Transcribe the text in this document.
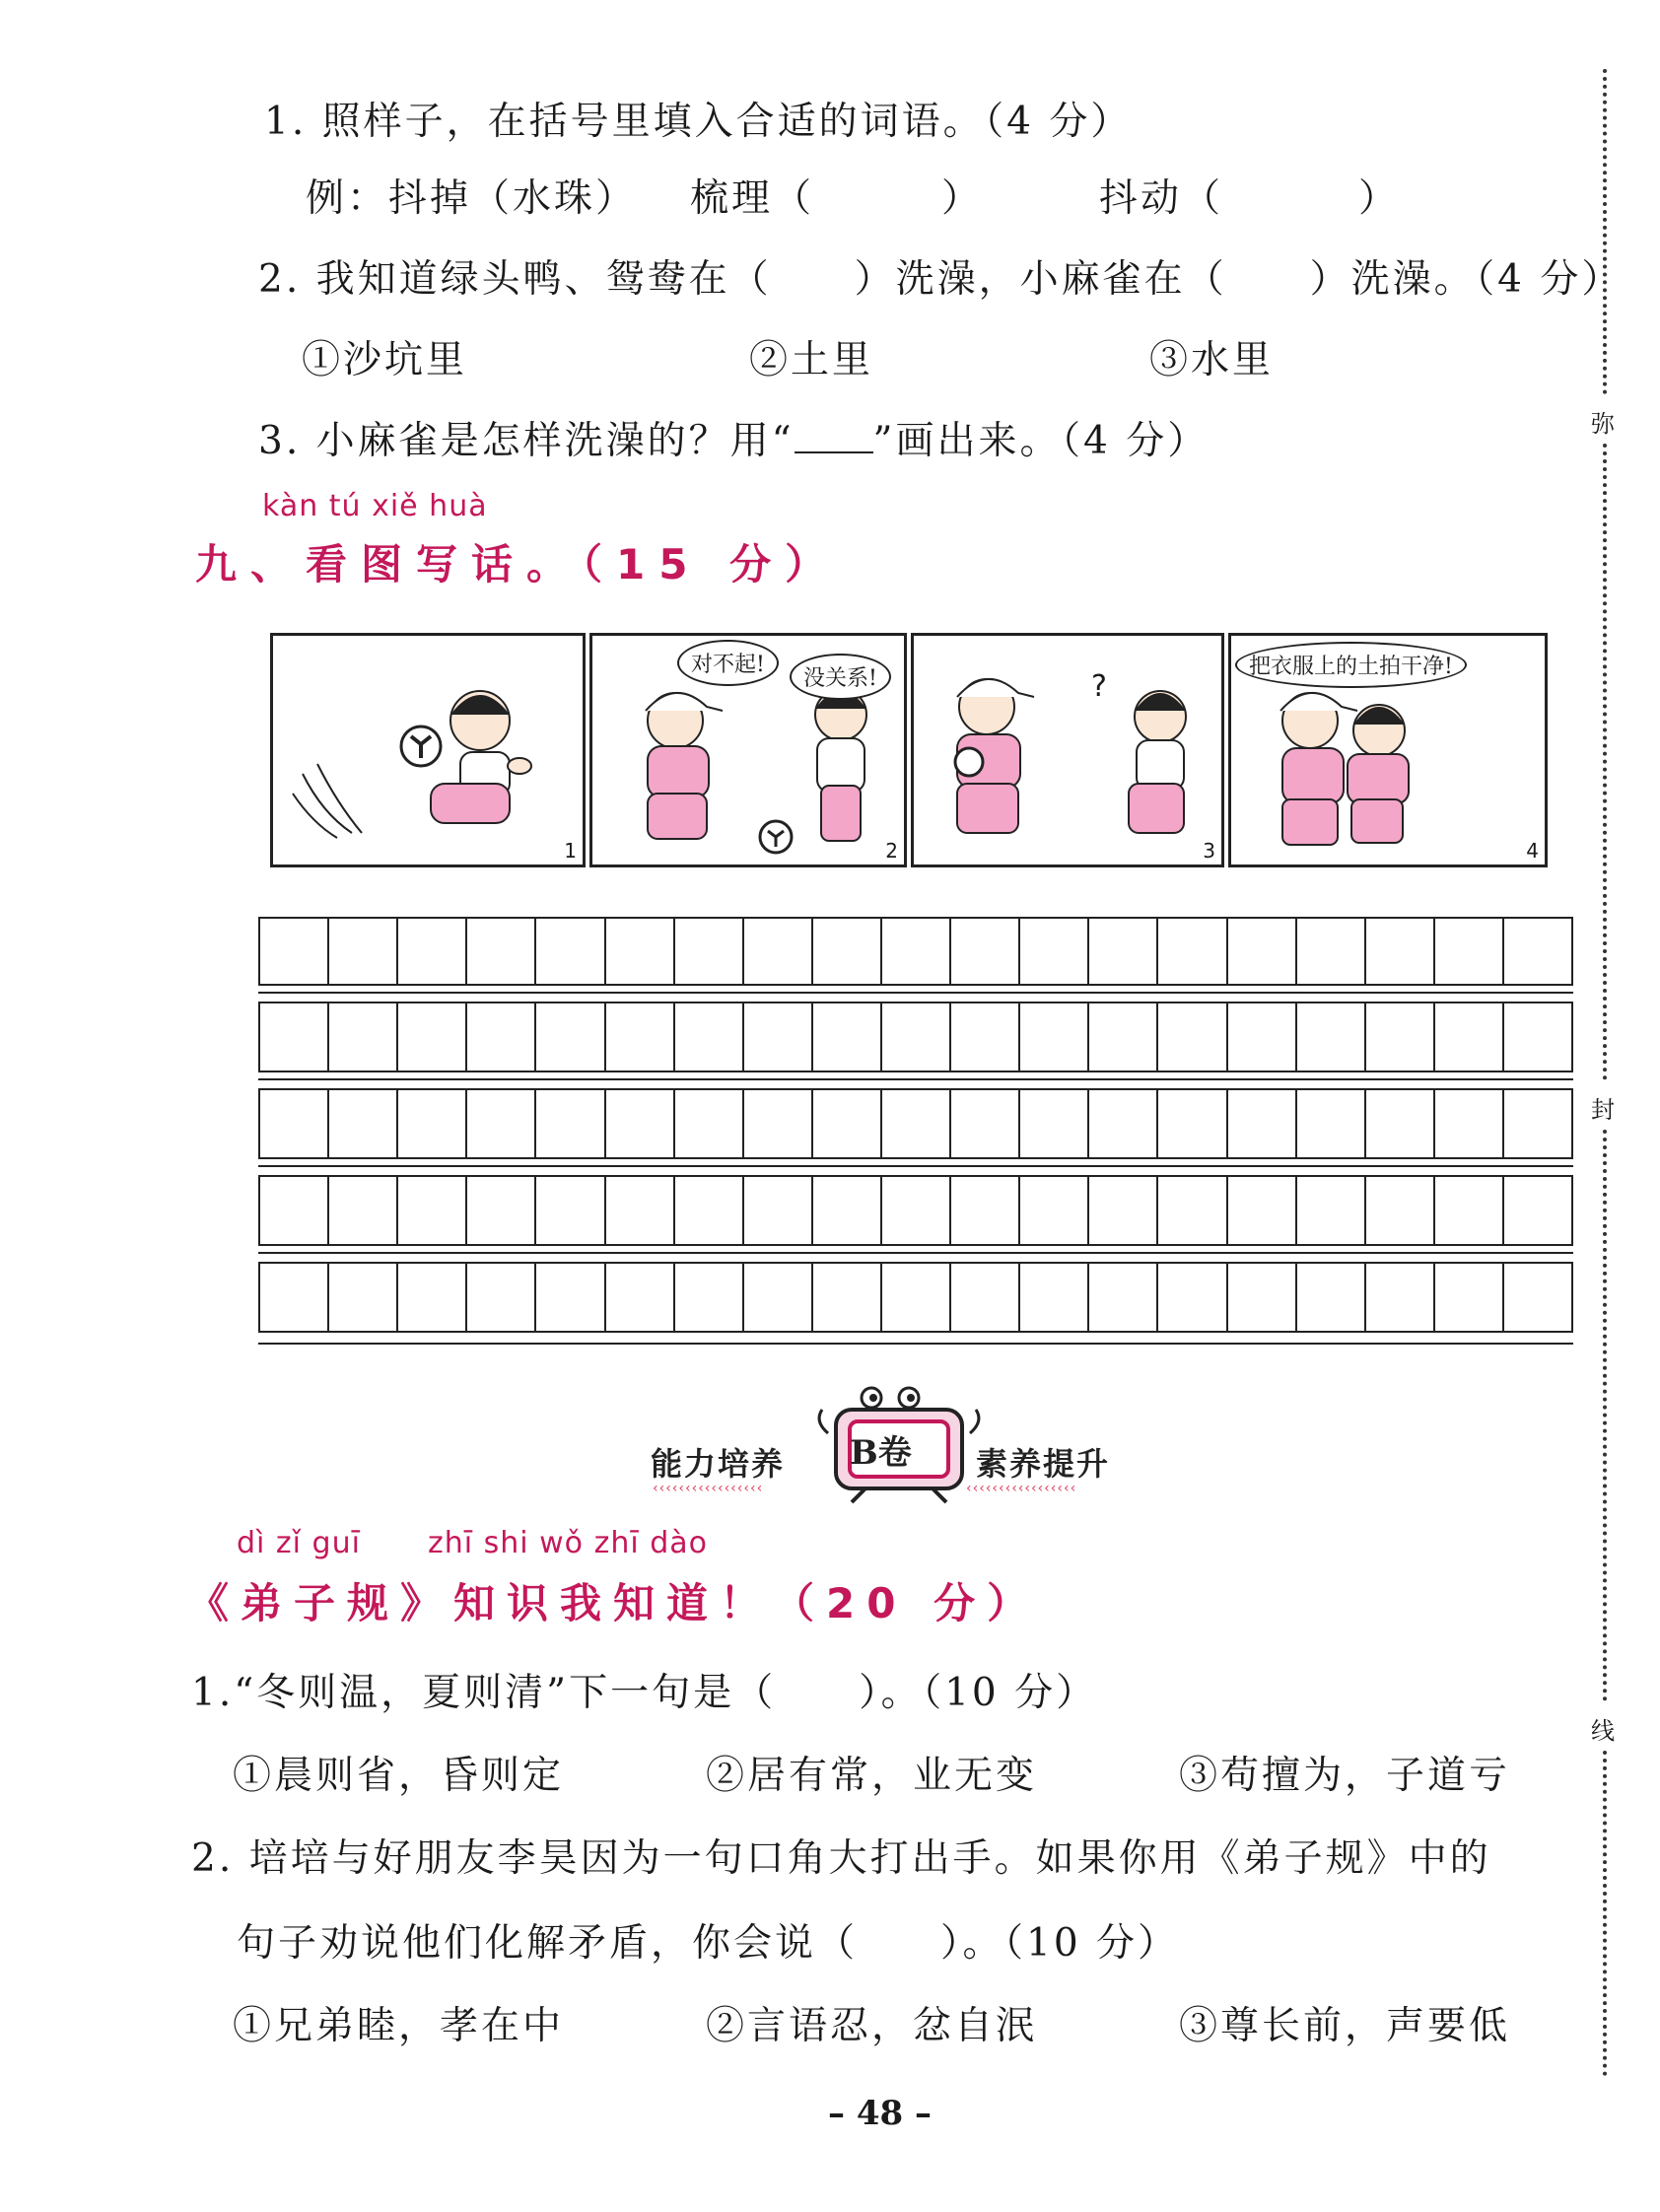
1. 照样子，在括号里填入合适的词语。（4 分）
例：抖掉（水珠） 梳理（	）	抖动（	）
2. 我知道绿头鸭、鸳鸯在（　　）洗澡，小麻雀在（　　）洗澡。（4 分）
①沙坑里	②土里	③水里
3. 小麻雀是怎样洗澡的？用“ ”画出来。（4 分）
kàn tú xiě huà
九、看图写话。（15 分）
1
对不起!
没关系!
2
?
3
把衣服上的土拍干净!
4
能力培养
‹‹‹‹‹‹‹‹‹‹‹‹‹‹‹‹‹
B卷 素养提升
‹‹‹‹‹‹‹‹‹‹‹‹‹‹‹‹‹
dì zǐ guī zhī shi wǒ zhī dào
《弟子规》知识我知道！（20 分）
1.“冬则温，夏则清”下一句是（　　）。（10 分）
①晨则省，昏则定	②居有常，业无变	③苟擅为，子道亏
2. 培培与好朋友李昊因为一句口角大打出手。如果你用《弟子规》中的
句子劝说他们化解矛盾，你会说（　　）。（10 分）
①兄弟睦，孝在中	②言语忍，忿自泯	③尊长前，声要低
弥
封
线
– 48 –
